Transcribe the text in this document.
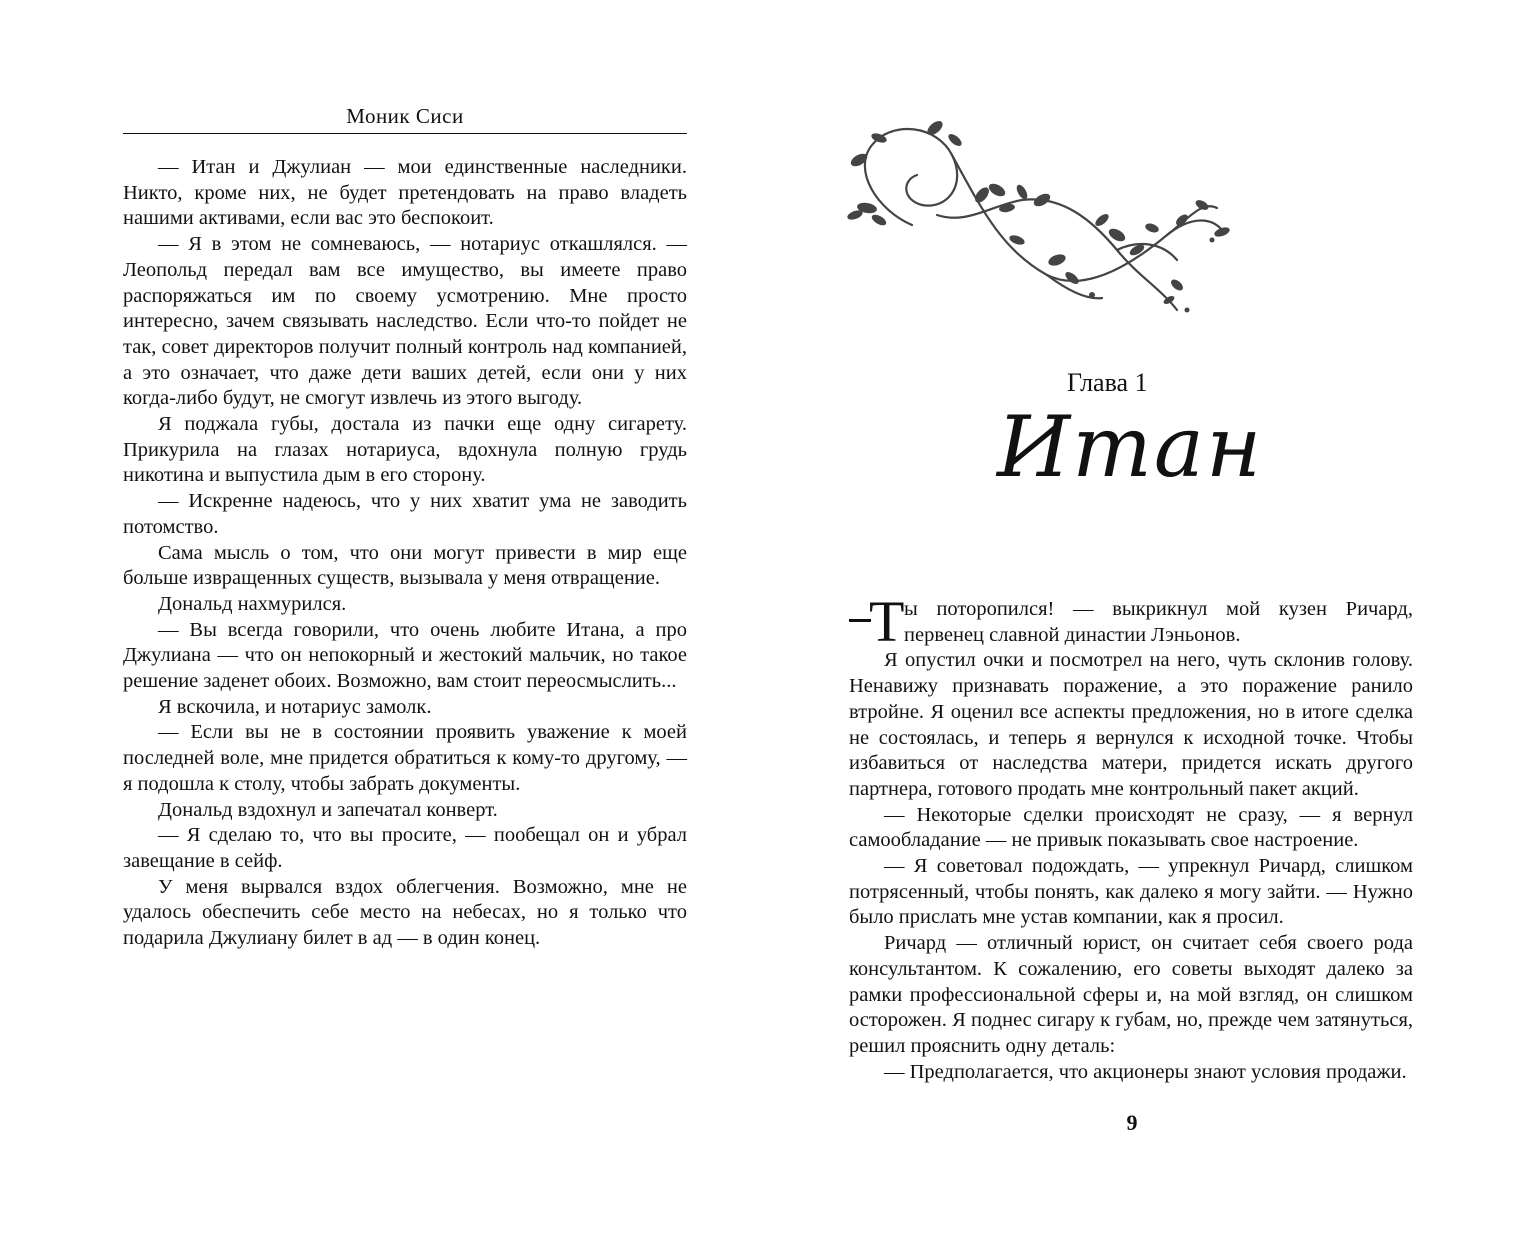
Моник Сиси

— Итан и Джулиан — мои единственные наследники. Никто, кроме них, не будет претендовать на право владеть нашими активами, если вас это беспокоит.

— Я в этом не сомневаюсь, — нотариус откашлялся. — Леопольд передал вам все имущество, вы имеете право распоряжаться им по своему усмотрению. Мне просто интересно, зачем связывать наследство. Если что-то пойдет не так, совет директоров получит полный контроль над компанией, а это означает, что даже дети ваших детей, если они у них когда-либо будут, не смогут извлечь из этого выгоду.

Я поджала губы, достала из пачки еще одну сигарету. Прикурила на глазах нотариуса, вдохнула полную грудь никотина и выпустила дым в его сторону.

— Искренне надеюсь, что у них хватит ума не заводить потомство.

Сама мысль о том, что они могут привести в мир еще больше извращенных существ, вызывала у меня отвращение.

Дональд нахмурился.

— Вы всегда говорили, что очень любите Итана, а про Джулиана — что он непокорный и жестокий мальчик, но такое решение заденет обоих. Возможно, вам стоит переосмыслить...

Я вскочила, и нотариус замолк.

— Если вы не в состоянии проявить уважение к моей последней воле, мне придется обратиться к кому-то другому, — я подошла к столу, чтобы забрать документы.

Дональд вздохнул и запечатал конверт.

— Я сделаю то, что вы просите, — пообещал он и убрал завещание в сейф.

У меня вырвался вздох облегчения. Возможно, мне не удалось обеспечить себе место на небесах, но я только что подарила Джулиану билет в ад — в один конец.

Глава 1
Итан

Т ы поторопился! — выкрикнул мой кузен Ричард, первенец славной династии Лэньонов.

Я опустил очки и посмотрел на него, чуть склонив голову. Ненавижу признавать поражение, а это поражение ранило втройне. Я оценил все аспекты предложения, но в итоге сделка не состоялась, и теперь я вернулся к исходной точке. Чтобы избавиться от наследства матери, придется искать другого партнера, готового продать мне контрольный пакет акций.

— Некоторые сделки происходят не сразу, — я вернул самообладание — не привык показывать свое настроение.

— Я советовал подождать, — упрекнул Ричард, слишком потрясенный, чтобы понять, как далеко я могу зайти. — Нужно было прислать мне устав компании, как я просил.

Ричард — отличный юрист, он считает себя своего рода консультантом. К сожалению, его советы выходят далеко за рамки профессиональной сферы и, на мой взгляд, он слишком осторожен. Я поднес сигару к губам, но, прежде чем затянуться, решил прояснить одну деталь:

— Предполагается, что акционеры знают условия продажи.

9
